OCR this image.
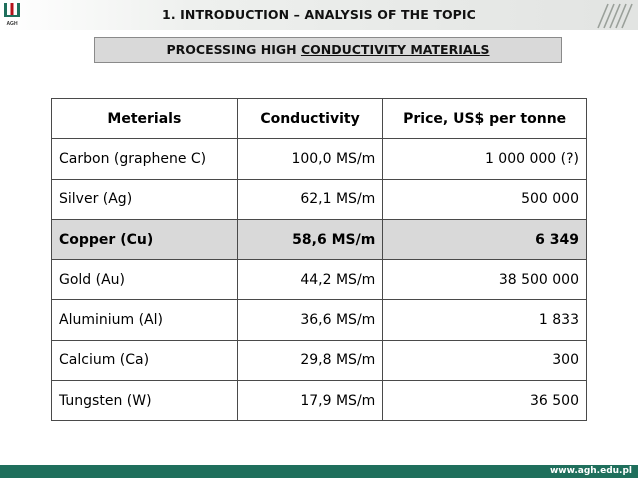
AGH
1. INTRODUCTION – ANALYSIS OF THE TOPIC
PROCESSING HIGH CONDUCTIVITY MATERIALS
Meterials	Conductivity	Price, US$ per tonne
Carbon (graphene C)	100,0 MS/m	1 000 000 (?)
Silver (Ag)	62,1 MS/m	500 000
Copper (Cu)	58,6 MS/m	6 349
Gold (Au)	44,2 MS/m	38 500 000
Aluminium (Al)	36,6 MS/m	1 833
Calcium (Ca)	29,8 MS/m	300
Tungsten (W)	17,9 MS/m	36 500
www.agh.edu.pl
